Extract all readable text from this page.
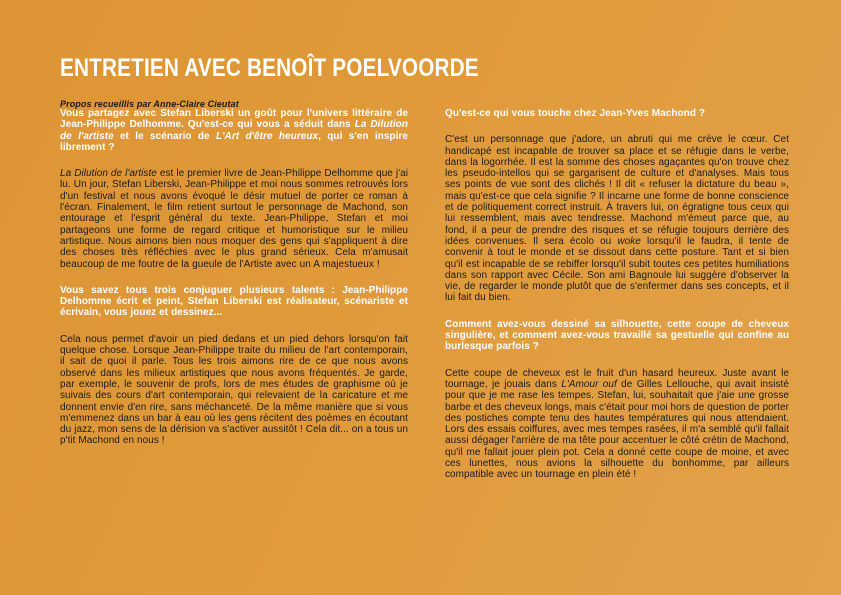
ENTRETIEN AVEC BENOÎT POELVOORDE
Propos recueillis par Anne-Claire Cieutat

Vous partagez avec Stefan Liberski un goût pour l'univers littéraire de Jean-Philippe Delhomme. Qu'est-ce qui vous a séduit dans La Dilution de l'artiste et le scénario de L'Art d'être heureux, qui s'en inspire librement ?

La Dilution de l'artiste est le premier livre de Jean-Philippe Delhomme que j'ai lu. Un jour, Stefan Liberski, Jean-Philippe et moi nous sommes retrouvés lors d'un festival et nous avons évoqué le désir mutuel de porter ce roman à l'écran. Finalement, le film retient surtout le personnage de Machond, son entourage et l'esprit général du texte. Jean-Philippe, Stefan et moi partageons une forme de regard critique et humoristique sur le milieu artistique. Nous aimons bien nous moquer des gens qui s'appliquent à dire des choses très réfléchies avec le plus grand sérieux. Cela m'amusait beaucoup de me foutre de la gueule de l'Artiste avec un A majestueux !

Vous savez tous trois conjuguer plusieurs talents : Jean-Philippe Delhomme écrit et peint, Stefan Liberski est réalisateur, scénariste et écrivain, vous jouez et dessinez...

Cela nous permet d'avoir un pied dedans et un pied dehors lorsqu'on fait quelque chose. Lorsque Jean-Philippe traite du milieu de l'art contemporain, il sait de quoi il parle. Tous les trois aimons rire de ce que nous avons observé dans les milieux artistiques que nous avons fréquentés. Je garde, par exemple, le souvenir de profs, lors de mes études de graphisme où je suivais des cours d'art contemporain, qui relevaient de la caricature et me donnent envie d'en rire, sans méchanceté. De la même manière que si vous m'emmenez dans un bar à eau où les gens récitent des poèmes en écoutant du jazz, mon sens de la dérision va s'activer aussitôt ! Cela dit... on a tous un p'tit Machond en nous !

Qu'est-ce qui vous touche chez Jean-Yves Machond ?

C'est un personnage que j'adore, un abruti qui me crève le cœur. Cet handicapé est incapable de trouver sa place et se réfugie dans le verbe, dans la logorrhée. Il est la somme des choses agaçantes qu'on trouve chez les pseudo-intellos qui se gargarisent de culture et d'analyses. Mais tous ses points de vue sont des clichés ! Il dit « refuser la dictature du beau », mais qu'est-ce que cela signifie ? Il incarne une forme de bonne conscience et de politiquement correct instruit. À travers lui, on égratigne tous ceux qui lui ressemblent, mais avec tendresse. Machond m'émeut parce que, au fond, il a peur de prendre des risques et se réfugie toujours derrière des idées convenues. Il sera écolo ou woke lorsqu'il le faudra, il tente de convenir à tout le monde et se dissout dans cette posture. Tant et si bien qu'il est incapable de se rebiffer lorsqu'il subit toutes ces petites humiliations dans son rapport avec Cécile. Son ami Bagnoule lui suggère d'observer la vie, de regarder le monde plutôt que de s'enfermer dans ses concepts, et il lui fait du bien.

Comment avez-vous dessiné sa silhouette, cette coupe de cheveux singulière, et comment avez-vous travaillé sa gestuelle qui confine au burlesque parfois ?

Cette coupe de cheveux est le fruit d'un hasard heureux. Juste avant le tournage, je jouais dans L'Amour ouf de Gilles Lellouche, qui avait insisté pour que je me rase les tempes. Stefan, lui, souhaitait que j'aie une grosse barbe et des cheveux longs, mais c'était pour moi hors de question de porter des postiches compte tenu des hautes températures qui nous attendaient. Lors des essais coiffures, avec mes tempes rasées, il m'a semblé qu'il fallait aussi dégager l'arrière de ma tête pour accentuer le côté crétin de Machond, qu'il me fallait jouer plein pot. Cela a donné cette coupe de moine, et avec ces lunettes, nous avions la silhouette du bonhomme, par ailleurs compatible avec un tournage en plein été !
